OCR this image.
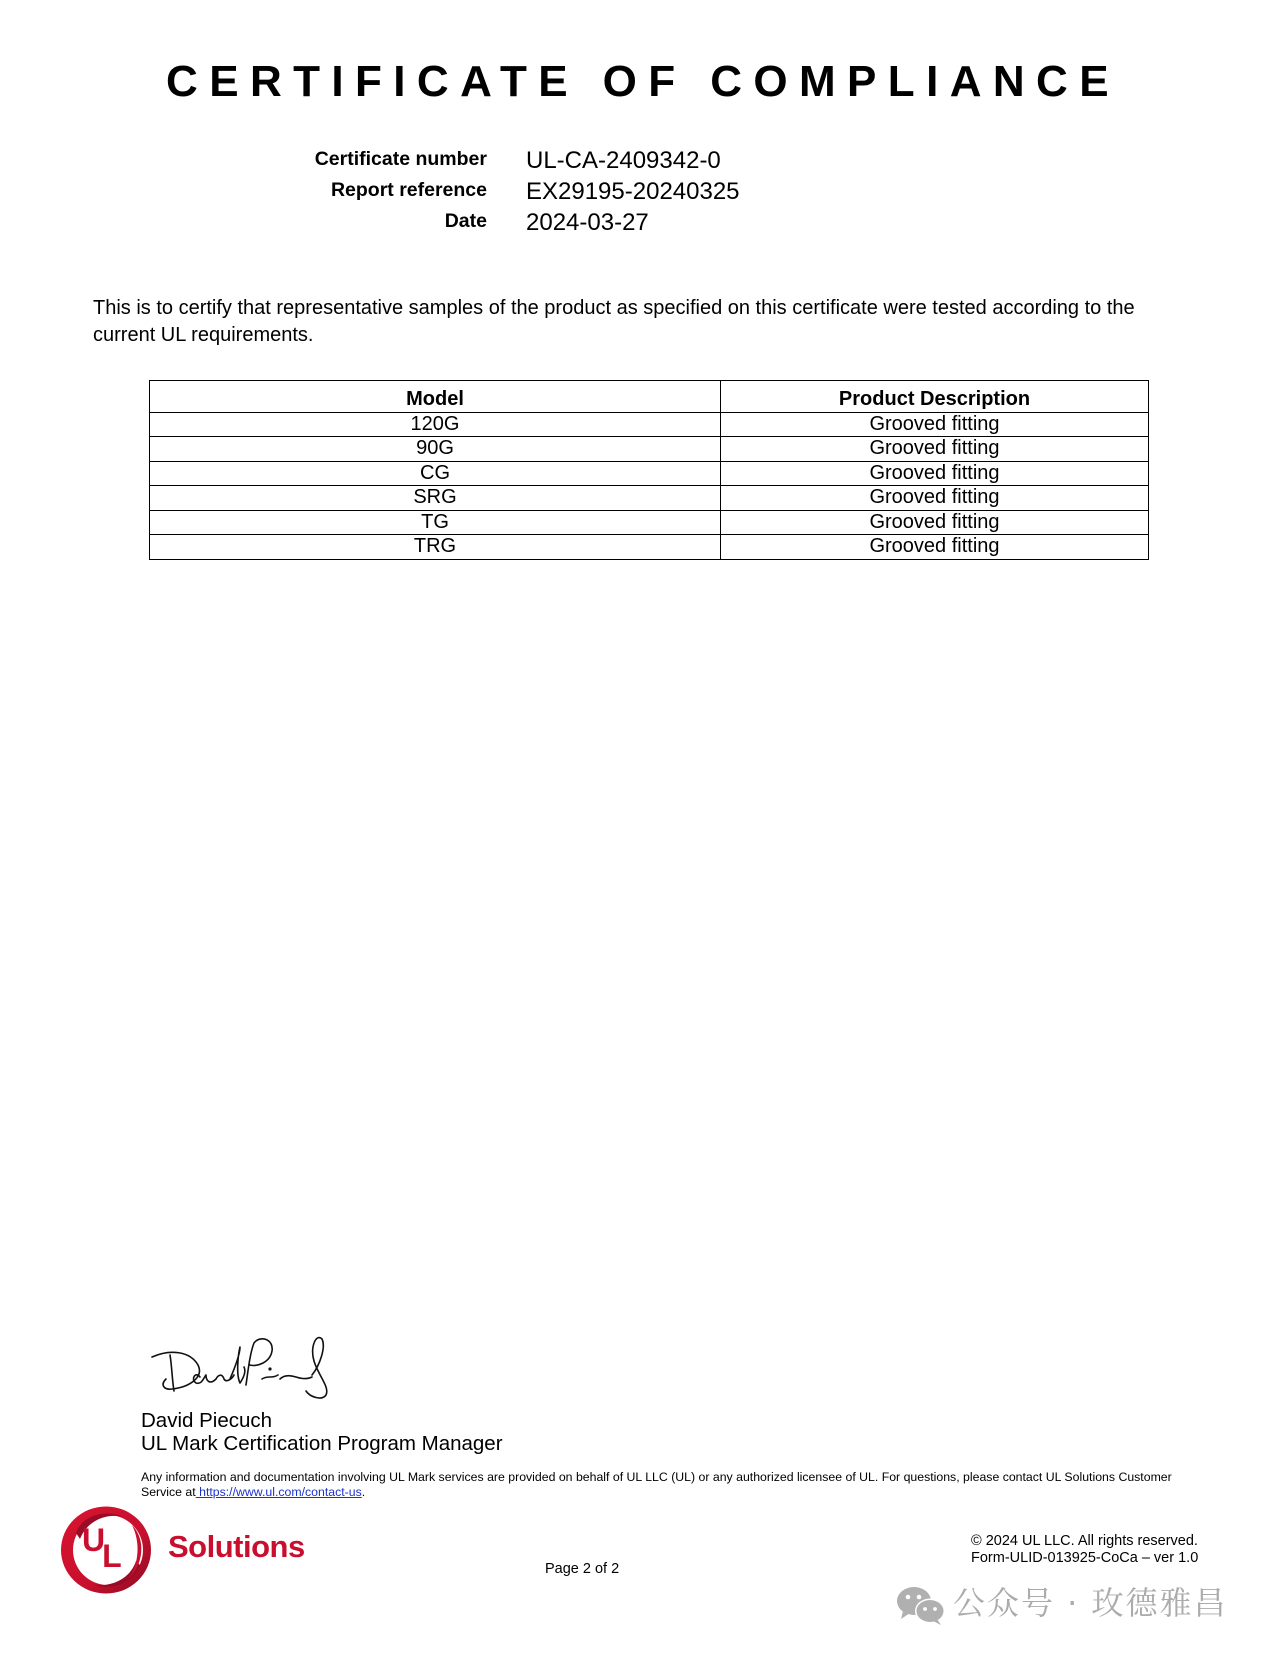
CERTIFICATE OF COMPLIANCE
Certificate number UL-CA-2409342-0
Report reference EX29195-20240325
Date 2024-03-27
This is to certify that representative samples of the product as specified on this certificate were tested according to the current UL requirements.
Model	Product Description
120G	Grooved fitting
90G	Grooved fitting
CG	Grooved fitting
SRG	Grooved fitting
TG	Grooved fitting
TRG	Grooved fitting
David Piecuch
UL Mark Certification Program Manager
Any information and documentation involving UL Mark services are provided on behalf of UL LLC (UL) or any authorized licensee of UL. For questions, please contact UL Solutions Customer Service at https://www.ul.com/contact-us.
UL Solutions
Page 2 of 2
© 2024 UL LLC. All rights reserved.
Form-ULID-013925-CoCa – ver 1.0
公众号 · 玫德雅昌
